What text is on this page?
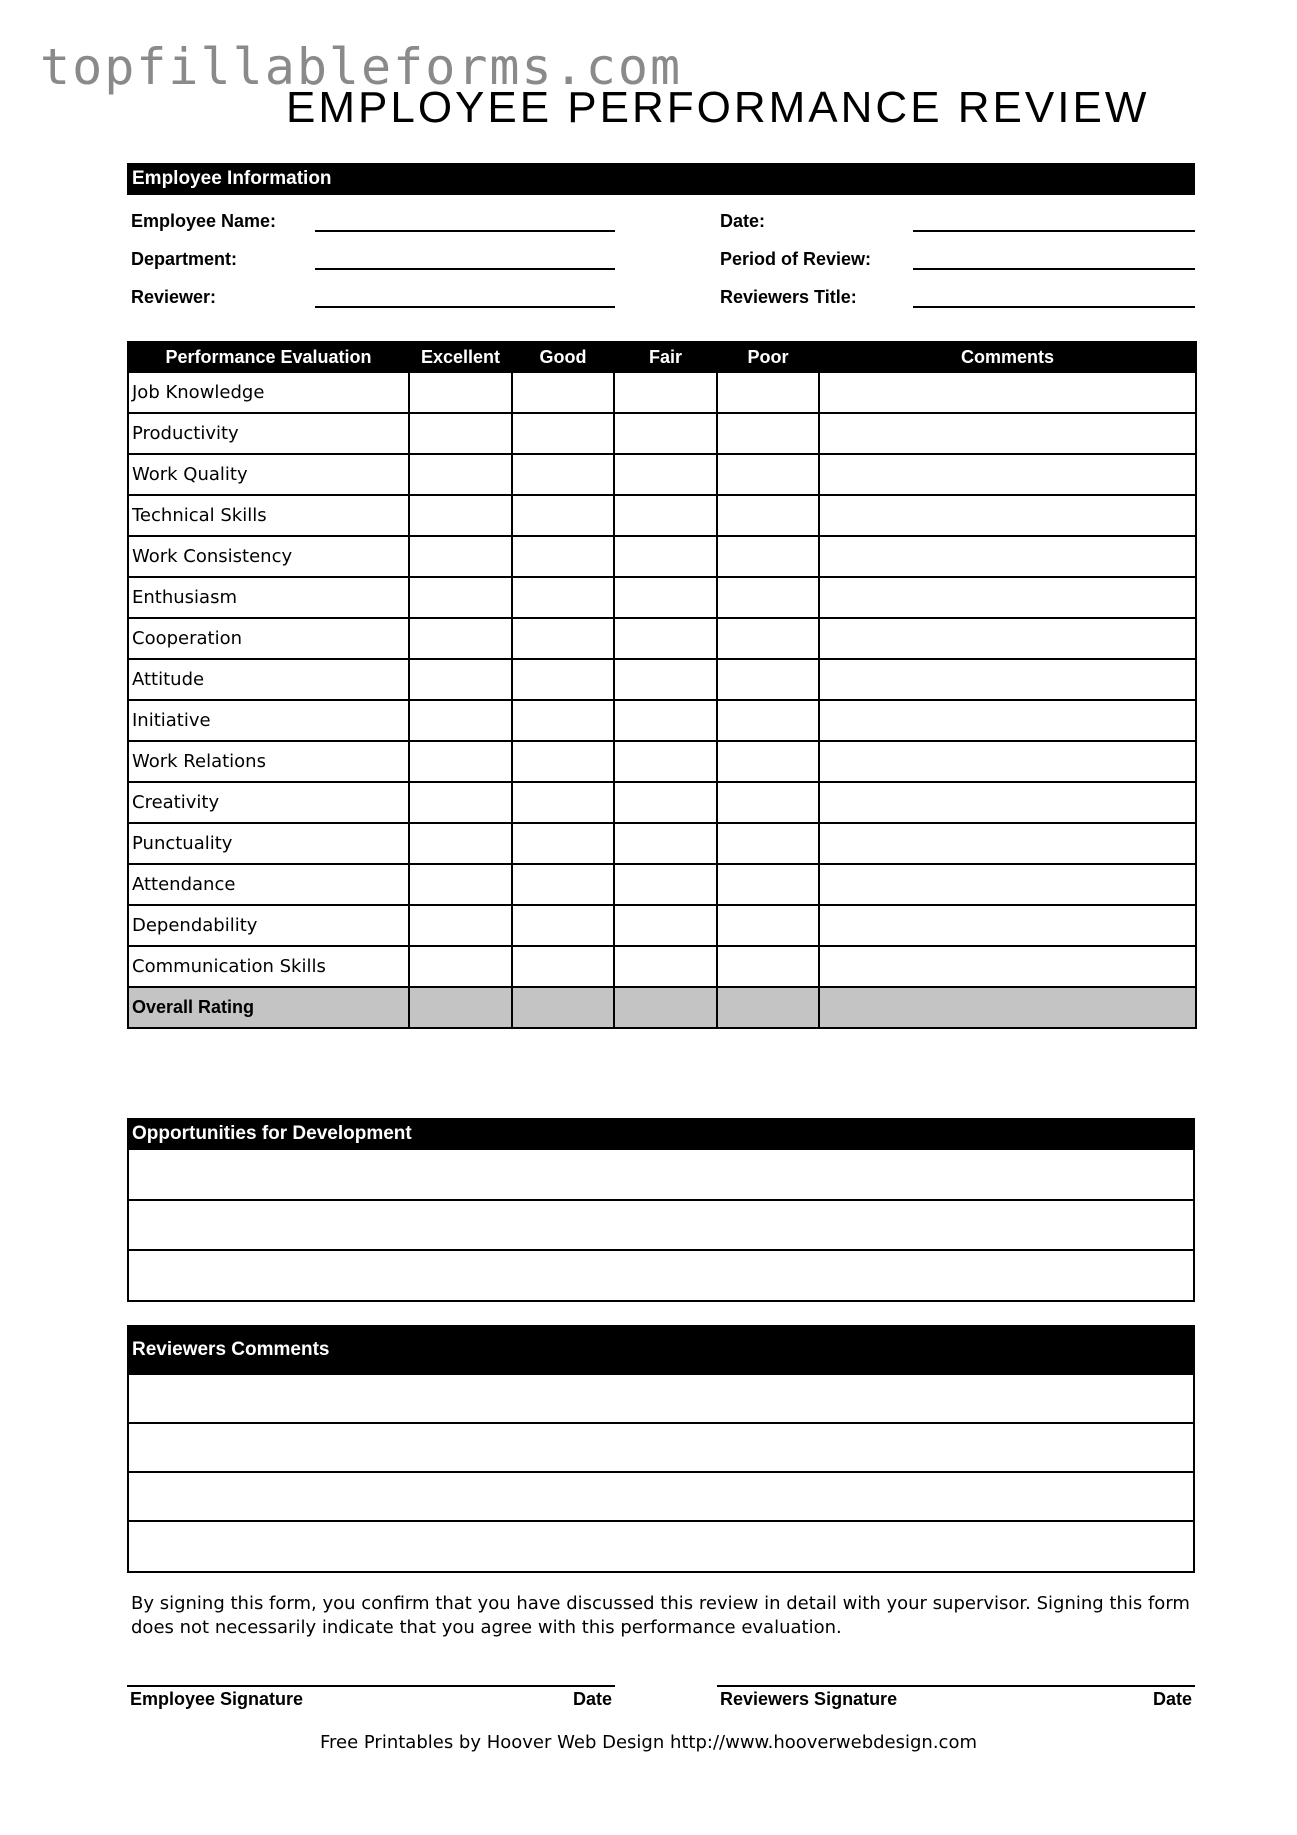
topfillableforms.com
EMPLOYEE PERFORMANCE REVIEW
Employee Information
Employee Name:
Department:
Reviewer:
Date:
Period of Review:
Reviewers Title:
Performance Evaluation	Excellent	Good	Fair	Poor	Comments
Job Knowledge					
Productivity					
Work Quality					
Technical Skills					
Work Consistency					
Enthusiasm					
Cooperation					
Attitude					
Initiative					
Work Relations					
Creativity					
Punctuality					
Attendance					
Dependability					
Communication Skills					
Overall Rating					
Opportunities for Development
Reviewers Comments
By signing this form, you confirm that you have discussed this review in detail with your supervisor. Signing this form does not necessarily indicate that you agree with this performance evaluation.
Employee Signature	Date	Reviewers Signature	Date
Free Printables by Hoover Web Design http://www.hooverwebdesign.com
